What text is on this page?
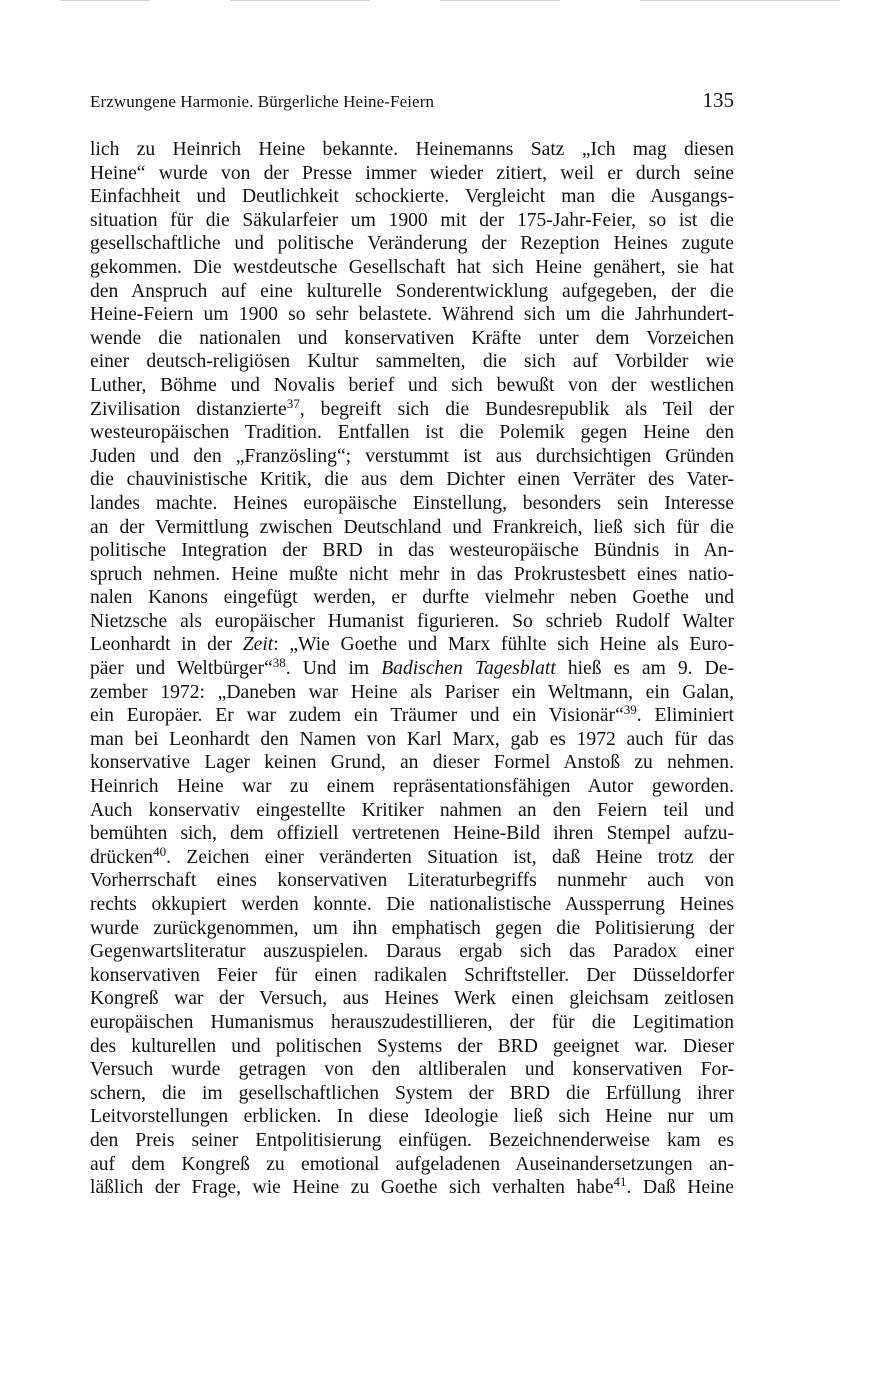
Erzwungene Harmonie. Bürgerliche Heine-Feiern	135
lich zu Heinrich Heine bekannte. Heinemanns Satz „Ich mag diesen
Heine“ wurde von der Presse immer wieder zitiert, weil er durch seine
Einfachheit und Deutlichkeit schockierte. Vergleicht man die Ausgangs-
situation für die Säkularfeier um 1900 mit der 175-Jahr-Feier, so ist die
gesellschaftliche und politische Veränderung der Rezeption Heines zugute
gekommen. Die westdeutsche Gesellschaft hat sich Heine genähert, sie hat
den Anspruch auf eine kulturelle Sonderentwicklung aufgegeben, der die
Heine-Feiern um 1900 so sehr belastete. Während sich um die Jahrhundert-
wende die nationalen und konservativen Kräfte unter dem Vorzeichen
einer deutsch-religiösen Kultur sammelten, die sich auf Vorbilder wie
Luther, Böhme und Novalis berief und sich bewußt von der westlichen
Zivilisation distanzierte$^{37}$, begreift sich die Bundesrepublik als Teil der
westeuropäischen Tradition. Entfallen ist die Polemik gegen Heine den
Juden und den „Französling“; verstummt ist aus durchsichtigen Gründen
die chauvinistische Kritik, die aus dem Dichter einen Verräter des Vater-
landes machte. Heines europäische Einstellung, besonders sein Interesse
an der Vermittlung zwischen Deutschland und Frankreich, ließ sich für die
politische Integration der BRD in das westeuropäische Bündnis in An-
spruch nehmen. Heine mußte nicht mehr in das Prokrustesbett eines natio-
nalen Kanons eingefügt werden, er durfte vielmehr neben Goethe und
Nietzsche als europäischer Humanist figurieren. So schrieb Rudolf Walter
Leonhardt in der Zeit: „Wie Goethe und Marx fühlte sich Heine als Euro-
päer und Weltbürger“$^{38}$. Und im Badischen Tagesblatt hieß es am 9. De-
zember 1972: „Daneben war Heine als Pariser ein Weltmann, ein Galan,
ein Europäer. Er war zudem ein Träumer und ein Visionär“$^{39}$. Eliminiert
man bei Leonhardt den Namen von Karl Marx, gab es 1972 auch für das
konservative Lager keinen Grund, an dieser Formel Anstoß zu nehmen.
Heinrich Heine war zu einem repräsentationsfähigen Autor geworden.
Auch konservativ eingestellte Kritiker nahmen an den Feiern teil und
bemühten sich, dem offiziell vertretenen Heine-Bild ihren Stempel aufzu-
drücken$^{40}$. Zeichen einer veränderten Situation ist, daß Heine trotz der
Vorherrschaft eines konservativen Literaturbegriffs nunmehr auch von
rechts okkupiert werden konnte. Die nationalistische Aussperrung Heines
wurde zurückgenommen, um ihn emphatisch gegen die Politisierung der
Gegenwartsliteratur auszuspielen. Daraus ergab sich das Paradox einer
konservativen Feier für einen radikalen Schriftsteller. Der Düsseldorfer
Kongreß war der Versuch, aus Heines Werk einen gleichsam zeitlosen
europäischen Humanismus herauszudestillieren, der für die Legitimation
des kulturellen und politischen Systems der BRD geeignet war. Dieser
Versuch wurde getragen von den altliberalen und konservativen For-
schern, die im gesellschaftlichen System der BRD die Erfüllung ihrer
Leitvorstellungen erblicken. In diese Ideologie ließ sich Heine nur um
den Preis seiner Entpolitisierung einfügen. Bezeichnenderweise kam es
auf dem Kongreß zu emotional aufgeladenen Auseinandersetzungen an-
läßlich der Frage, wie Heine zu Goethe sich verhalten habe$^{41}$. Daß Heine
